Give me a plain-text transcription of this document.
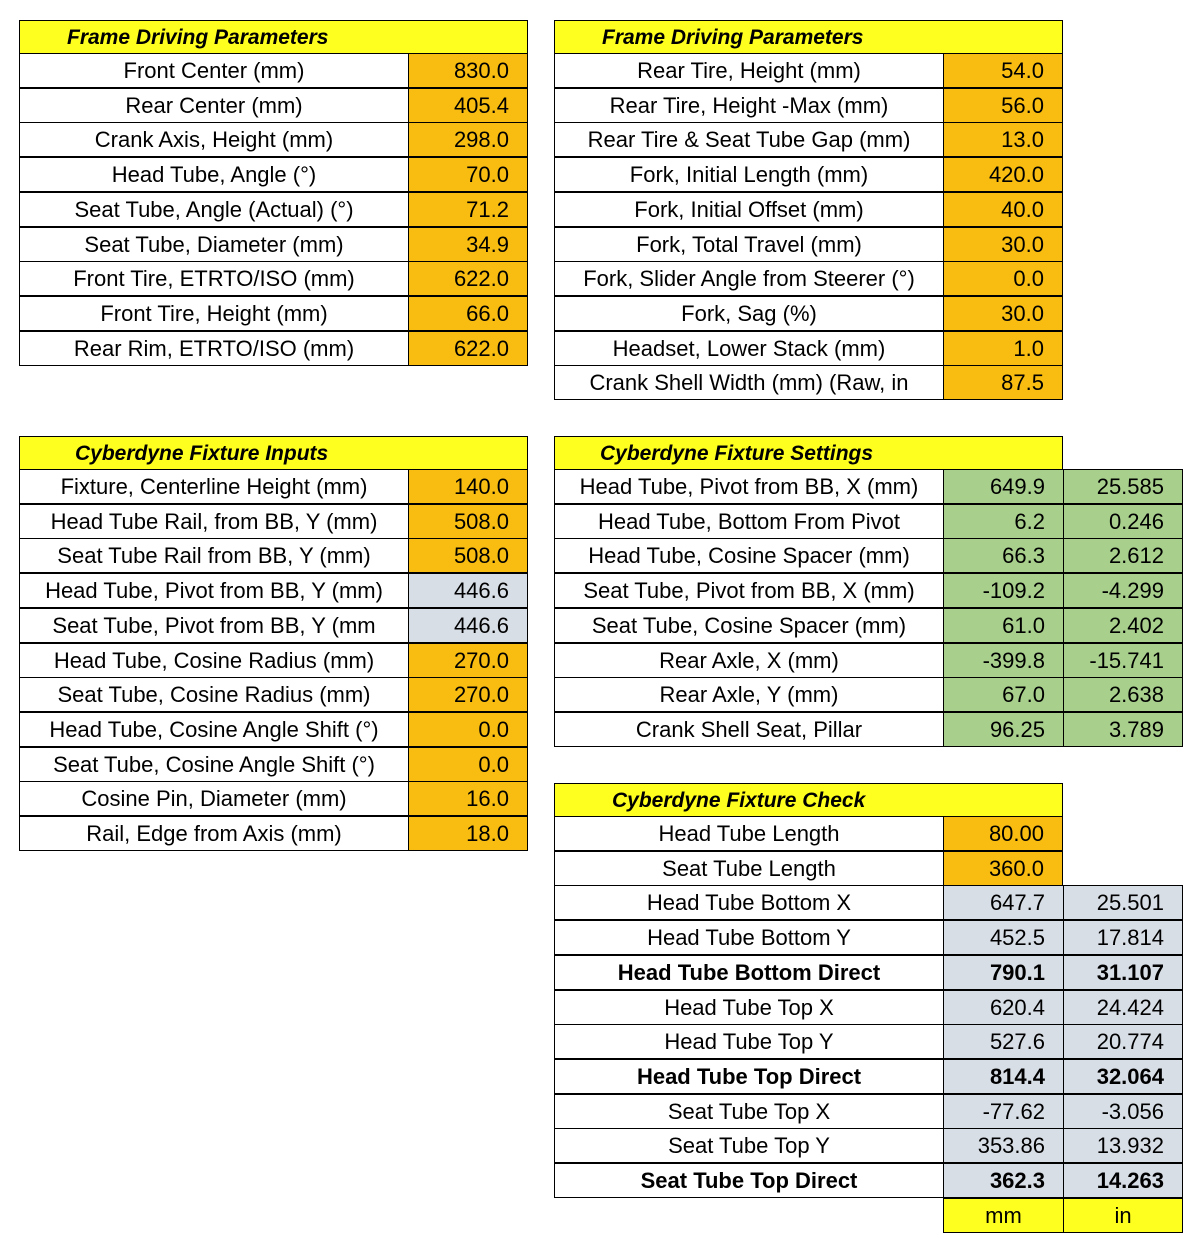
Frame Driving Parameters
Front Center (mm)	830.0
Rear Center (mm)	405.4
Crank Axis, Height (mm)	298.0
Head Tube, Angle (°)	70.0
Seat Tube, Angle (Actual) (°)	71.2
Seat Tube, Diameter (mm)	34.9
Front Tire, ETRTO/ISO (mm)	622.0
Front Tire, Height (mm)	66.0
Rear Rim, ETRTO/ISO (mm)	622.0
Frame Driving Parameters
Rear Tire, Height (mm)	54.0
Rear Tire, Height -Max (mm)	56.0
Rear Tire & Seat Tube Gap (mm)	13.0
Fork, Initial Length (mm)	420.0
Fork, Initial Offset (mm)	40.0
Fork, Total Travel (mm)	30.0
Fork, Slider Angle from Steerer (°)	0.0
Fork, Sag (%)	30.0
Headset, Lower Stack (mm)	1.0
Crank Shell Width (mm) (Raw, in	87.5
Cyberdyne Fixture Inputs
Fixture, Centerline Height (mm)	140.0
Head Tube Rail, from BB, Y (mm)	508.0
Seat Tube Rail from BB, Y (mm)	508.0
Head Tube, Pivot from BB, Y (mm)	446.6
Seat Tube, Pivot from BB, Y (mm	446.6
Head Tube, Cosine Radius (mm)	270.0
Seat Tube, Cosine Radius (mm)	270.0
Head Tube, Cosine Angle Shift (°)	0.0
Seat Tube, Cosine Angle Shift (°)	0.0
Cosine Pin, Diameter (mm)	16.0
Rail, Edge from Axis (mm)	18.0
Cyberdyne Fixture Settings
Head Tube, Pivot from BB, X (mm)	649.9	25.585
Head Tube, Bottom From Pivot	6.2	0.246
Head Tube, Cosine Spacer (mm)	66.3	2.612
Seat Tube, Pivot from BB, X (mm)	-109.2	-4.299
Seat Tube, Cosine Spacer (mm)	61.0	2.402
Rear Axle, X (mm)	-399.8	-15.741
Rear Axle, Y (mm)	67.0	2.638
Crank Shell Seat, Pillar	96.25	3.789
Cyberdyne Fixture Check
Head Tube Length	80.00
Seat Tube Length	360.0
Head Tube Bottom X	647.7	25.501
Head Tube Bottom Y	452.5	17.814
Head Tube Bottom Direct	790.1	31.107
Head Tube Top X	620.4	24.424
Head Tube Top Y	527.6	20.774
Head Tube Top Direct	814.4	32.064
Seat Tube Top X	-77.62	-3.056
Seat Tube Top Y	353.86	13.932
Seat Tube Top Direct	362.3	14.263
mm	in
